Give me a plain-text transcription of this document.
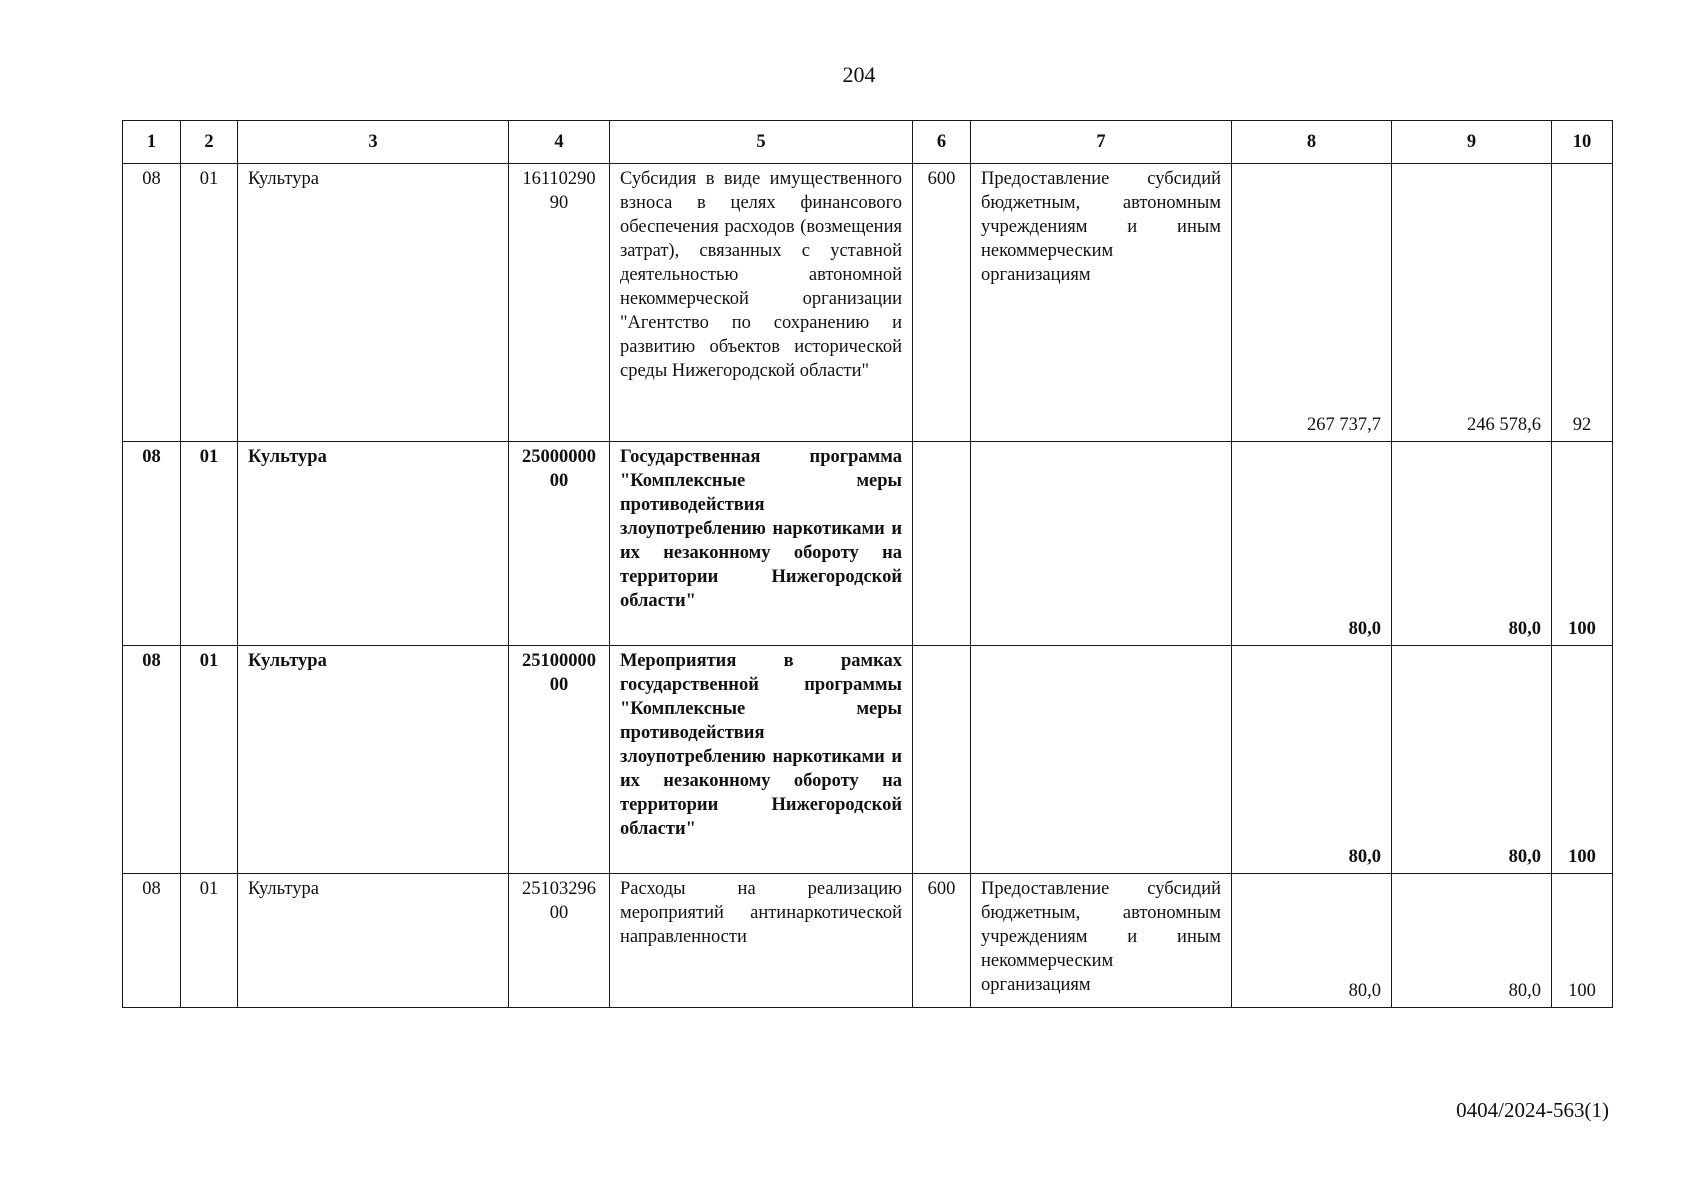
204
1	2	3	4	5	6	7	8	9	10
08	01	Культура	1611029090	Субсидия в виде имущественного взноса в целях финансового обеспечения расходов (возмещения затрат), связанных с уставной деятельностью автономной некоммерческой организации "Агентство по сохранению и развитию объектов исторической среды Нижегородской области"	600	Предоставление субсидий бюджетным, автономным учреждениям и иным некоммерческим организациям	267 737,7	246 578,6	92
08	01	Культура	2500000000	Государственная программа "Комплексные меры противодействия злоупотреблению наркотиками и их незаконному обороту на территории Нижегородской области"			80,0	80,0	100
08	01	Культура	2510000000	Мероприятия в рамках государственной программы "Комплексные меры противодействия злоупотреблению наркотиками и их незаконному обороту на территории Нижегородской области"			80,0	80,0	100
08	01	Культура	2510329600	Расходы на реализацию мероприятий антинаркотической направленности	600	Предоставление субсидий бюджетным, автономным учреждениям и иным некоммерческим организациям	80,0	80,0	100
0404/2024-563(1)
